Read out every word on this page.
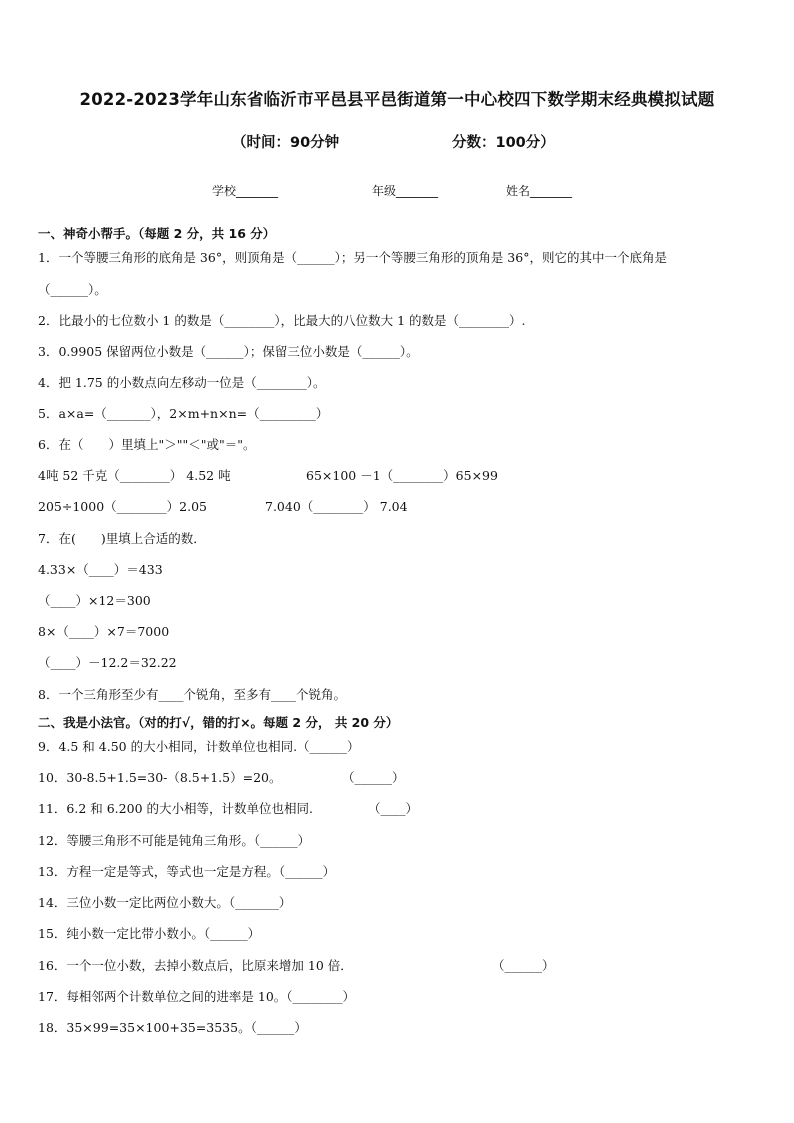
2022-2023学年山东省临沂市平邑县平邑街道第一中心校四下数学期末经典模拟试题
（时间：90分钟	分数：100分）
学校_______	年级_______	姓名_______
一、神奇小帮手。（每题 2 分，共 16 分）
1．一个等腰三角形的底角是 36°，则顶角是（______）；另一个等腰三角形的顶角是 36°，则它的其中一个底角是
（______）。
2．比最小的七位数小 1 的数是（________），比最大的八位数大 1 的数是（________）.
3．0.9905 保留两位小数是（______）；保留三位小数是（______）。
4．把 1.75 的小数点向左移动一位是（________）。
5．a×a=（_______），2×m+n×n=（_________）
6．在（　　）里填上"＞""＜"或"＝"。
4吨 52 千克（________） 4.52 吨	65×100 －1（________）65×99
205÷1000（________）2.05	7.040（________） 7.04
7．在(　　)里填上合适的数．
4.33×（____）＝433
（____）×12＝300
8×（____）×7＝7000
（____）－12.2＝32.22
8．一个三角形至少有____个锐角，至多有____个锐角。
二、我是小法官。（对的打√，错的打×。每题 2 分， 共 20 分）
9．4.5 和 4.50 的大小相同，计数单位也相同.（______）
10．30-8.5+1.5=30-（8.5+1.5）=20。	（______）
11．6.2 和 6.200 的大小相等，计数单位也相同.	（____）
12．等腰三角形不可能是钝角三角形。（______）
13．方程一定是等式，等式也一定是方程。（______）
14．三位小数一定比两位小数大。（_______）
15．纯小数一定比带小数小。（______）
16．一个一位小数，去掉小数点后，比原来增加 10 倍．	（______）
17．每相邻两个计数单位之间的进率是 10。（________）
18．35×99=35×100+35=3535。（______）
